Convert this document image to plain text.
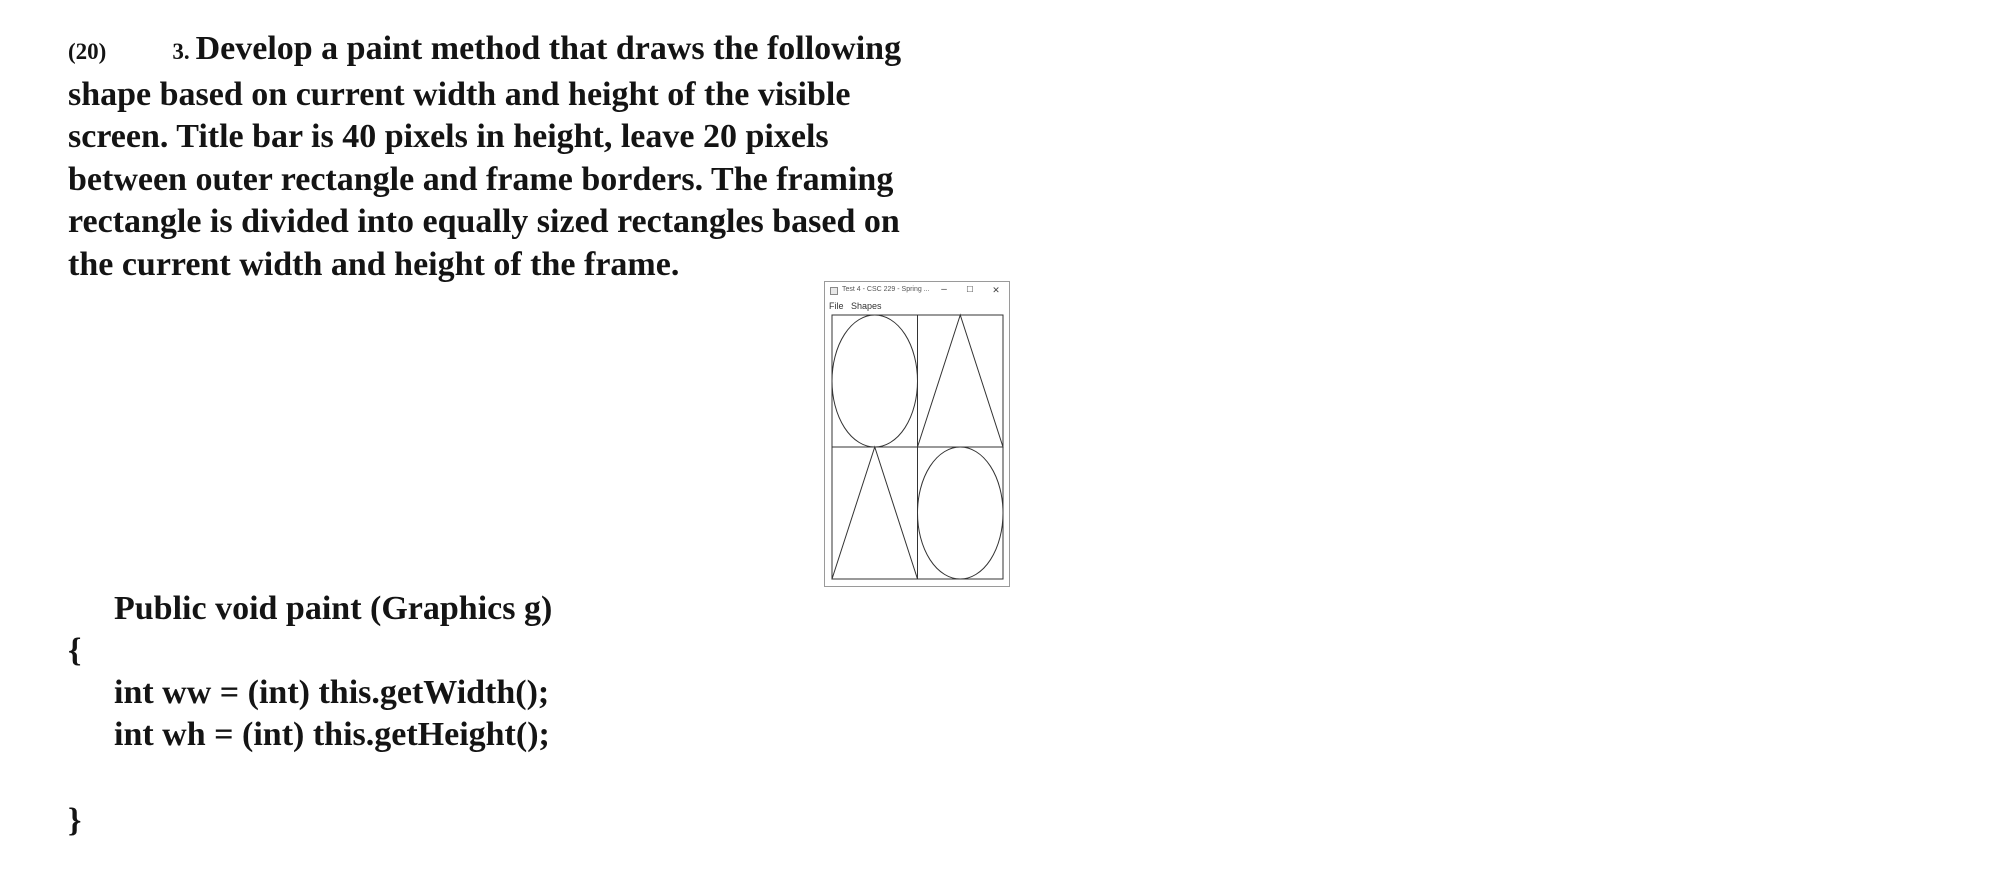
(20)	3. Develop a paint method that draws the following
shape based on current width and height of the visible
screen. Title bar is 40 pixels in height, leave 20 pixels
between outer rectangle and frame borders. The framing
rectangle is divided into equally sized rectangles based on
the current width and height of the frame.
Test 4 - CSC 229 - Spring ...	–	☐	✕
File Shapes
Public void paint (Graphics g)
{
int ww = (int) this.getWidth();
int wh = (int) this.getHeight();
}
